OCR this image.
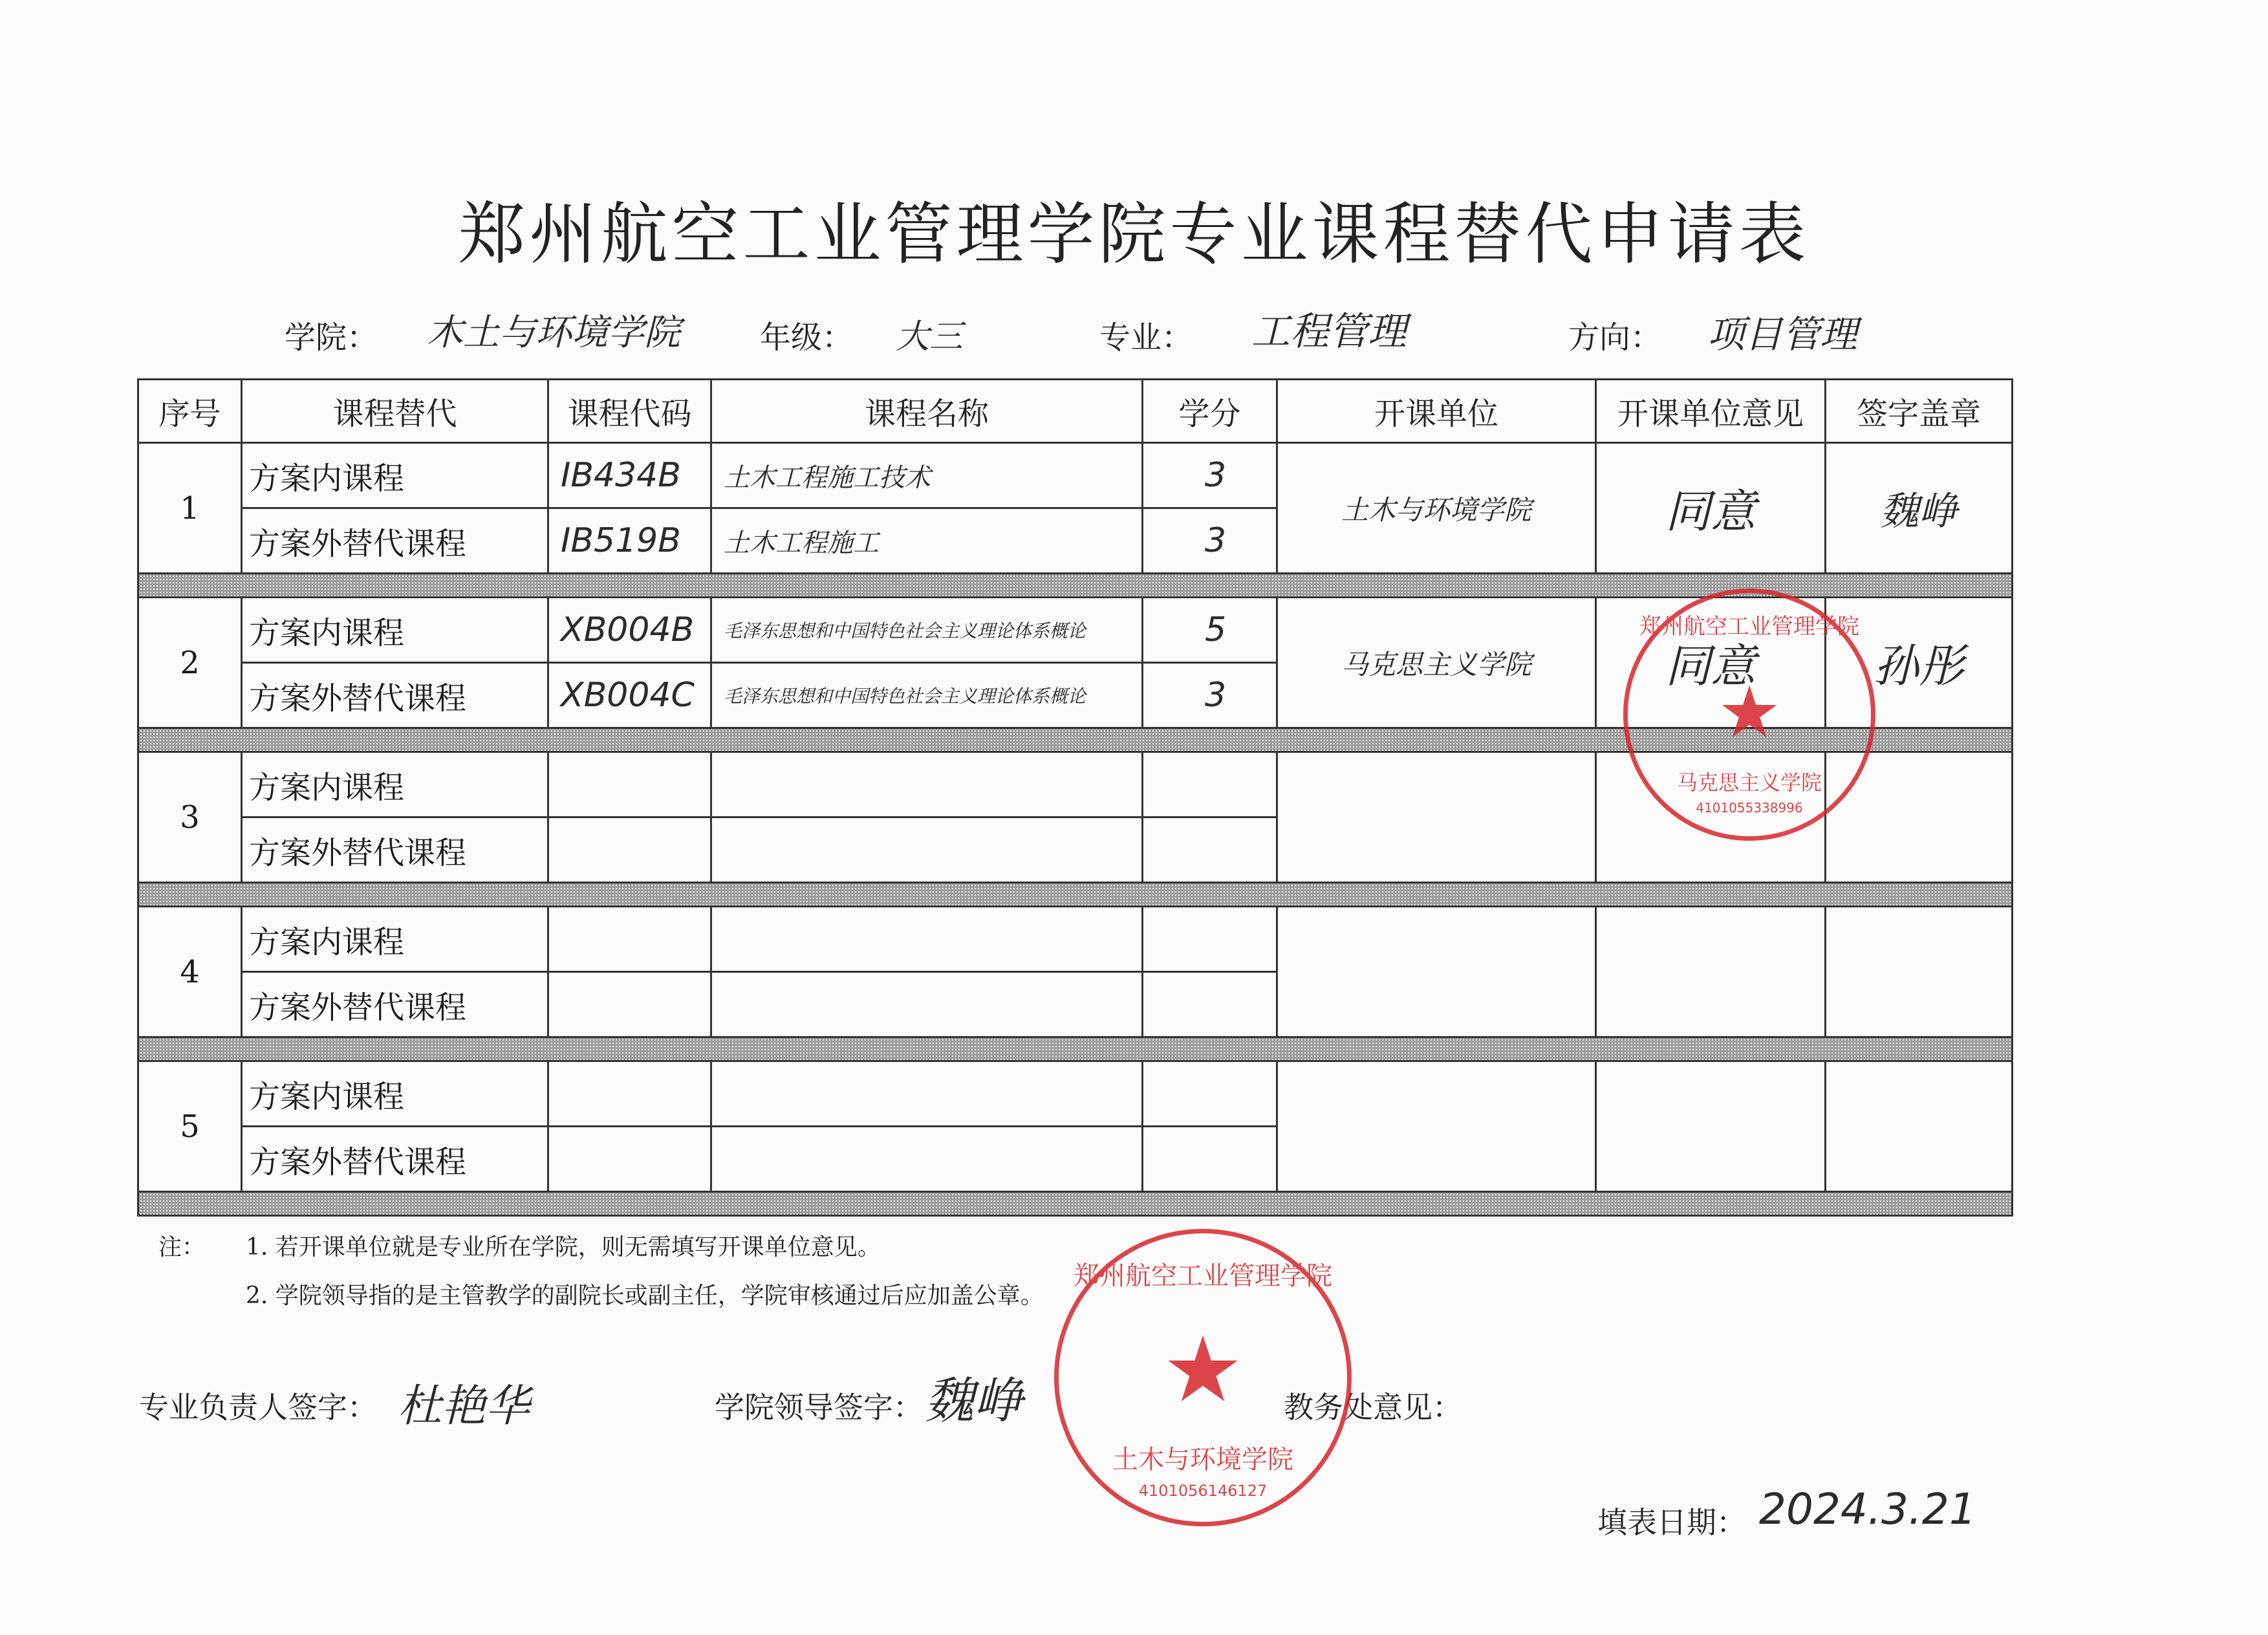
郑州航空工业管理学院专业课程替代申请表
学院： 木土与环境学院	年级： 大三	专业： 工程管理	方向： 项目管理
序号	课程替代	课程代码	课程名称	学分	开课单位	开课单位意见	签字盖章
1	方案内课程	IB434B	土木工程施工技术	3	土木与环境学院	同意	魏峥
	方案外替代课程	IB519B	土木工程施工	3			

2	方案内课程	XB004B	毛泽东思想和中国特色社会主义理论体系概论	5	马克思主义学院	同意	孙彤
	方案外替代课程	XB004C	毛泽东思想和中国特色社会主义理论体系概论	3			

3	方案内课程						
	方案外替代课程						

4	方案内课程						
	方案外替代课程						

5	方案内课程						
	方案外替代课程						

注： 1. 若开课单位就是专业所在学院，则无需填写开课单位意见。
2. 学院领导指的是主管教学的副院长或副主任，学院审核通过后应加盖公章。
专业负责人签字： 杜艳华	学院领导签字： 魏峥	教务处意见：
填表日期： 2024.3.21
郑州航空工业管理学院
★
马克思主义学院
4101055338996
郑州航空工业管理学院
★
土木与环境学院
4101056146127
